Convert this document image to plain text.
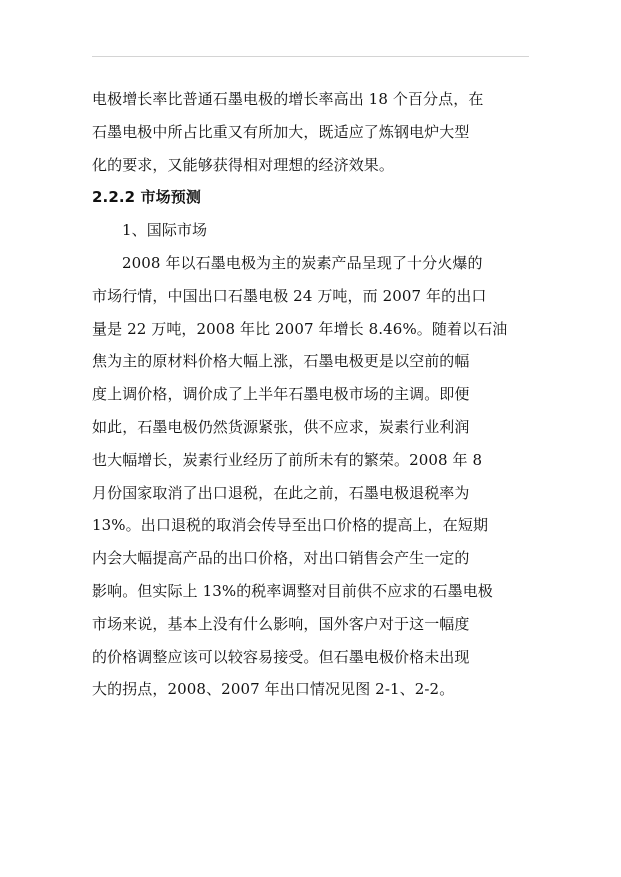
电极增长率比普通石墨电极的增长率高出 18 个百分点，在
石墨电极中所占比重又有所加大，既适应了炼钢电炉大型
化的要求，又能够获得相对理想的经济效果。
2.2.2 市场预测
1、国际市场
2008 年以石墨电极为主的炭素产品呈现了十分火爆的
市场行情，中国出口石墨电极 24 万吨，而 2007 年的出口
量是 22 万吨，2008 年比 2007 年增长 8.46%。随着以石油
焦为主的原材料价格大幅上涨，石墨电极更是以空前的幅
度上调价格，调价成了上半年石墨电极市场的主调。即便
如此，石墨电极仍然货源紧张，供不应求，炭素行业利润
也大幅增长，炭素行业经历了前所未有的繁荣。2008 年 8
月份国家取消了出口退税，在此之前，石墨电极退税率为
13%。出口退税的取消会传导至出口价格的提高上，在短期
内会大幅提高产品的出口价格，对出口销售会产生一定的
影响。但实际上 13%的税率调整对目前供不应求的石墨电极
市场来说，基本上没有什么影响，国外客户对于这一幅度
的价格调整应该可以较容易接受。但石墨电极价格未出现
大的拐点，2008、2007 年出口情况见图 2-1、2-2。
